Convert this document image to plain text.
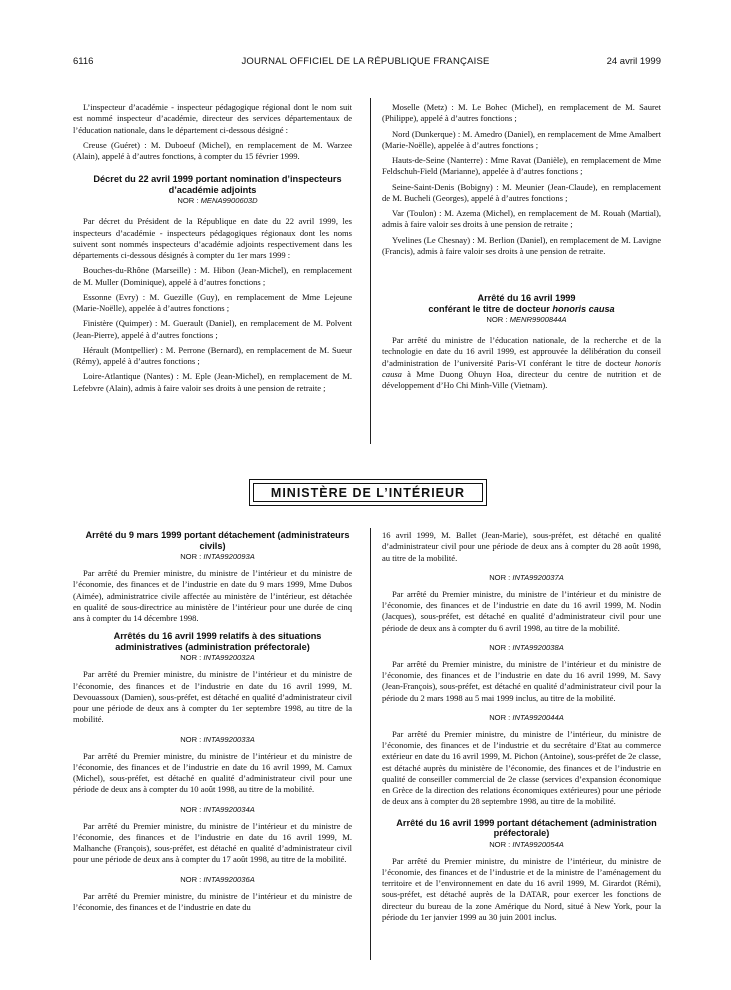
6116	JOURNAL OFFICIEL DE LA RÉPUBLIQUE FRANÇAISE	24 avril 1999

L’inspecteur d’académie - inspecteur pédagogique régional dont le nom suit est nommé inspecteur d’académie, directeur des services départementaux de l’éducation nationale, dans le département ci-dessous désigné :

Creuse (Guéret) : M. Duboeuf (Michel), en remplacement de M. Warzee (Alain), appelé à d’autres fonctions, à compter du 15 février 1999.

Décret du 22 avril 1999 portant nomination d’inspecteurs d’académie adjoints

NOR : MENA9900603D

Par décret du Président de la République en date du 22 avril 1999, les inspecteurs d’académie - inspecteurs pédagogiques régionaux dont les noms suivent sont nommés inspecteurs d’académie adjoints respectivement dans les départements ci-dessous désignés à compter du 1er mars 1999 :

Bouches-du-Rhône (Marseille) : M. Hibon (Jean-Michel), en remplacement de M. Muller (Dominique), appelé à d’autres fonctions ;

Essonne (Evry) : M. Guezille (Guy), en remplacement de Mme Lejeune (Marie-Noëlle), appelée à d’autres fonctions ;

Finistère (Quimper) : M. Guerault (Daniel), en remplacement de M. Polvent (Jean-Pierre), appelé à d’autres fonctions ;

Hérault (Montpellier) : M. Perrone (Bernard), en remplacement de M. Sueur (Rémy), appelé à d’autres fonctions ;

Loire-Atlantique (Nantes) : M. Eple (Jean-Michel), en remplacement de M. Lefebvre (Alain), admis à faire valoir ses droits à une pension de retraite ;

Moselle (Metz) : M. Le Bohec (Michel), en remplacement de M. Sauret (Philippe), appelé à d’autres fonctions ;

Nord (Dunkerque) : M. Amedro (Daniel), en remplacement de Mme Amalbert (Marie-Noëlle), appelée à d’autres fonctions ;

Hauts-de-Seine (Nanterre) : Mme Ravat (Danièle), en remplacement de Mme Feldschuh-Field (Marianne), appelée à d’autres fonctions ;

Seine-Saint-Denis (Bobigny) : M. Meunier (Jean-Claude), en remplacement de M. Bucheli (Georges), appelé à d’autres fonctions ;

Var (Toulon) : M. Azema (Michel), en remplacement de M. Rouah (Martial), admis à faire valoir ses droits à une pension de retraite ;

Yvelines (Le Chesnay) : M. Berlion (Daniel), en remplacement de M. Lavigne (Francis), admis à faire valoir ses droits à une pension de retraite.

Arrêté du 16 avril 1999
conférant le titre de docteur honoris causa

NOR : MENR9900844A

Par arrêté du ministre de l’éducation nationale, de la recherche et de la technologie en date du 16 avril 1999, est approuvée la délibération du conseil d’administration de l’université Paris-VI conférant le titre de docteur honoris causa à Mme Duong Ohuyn Hoa, directeur du centre de nutrition et de développement d’Ho Chi Minh-Ville (Vietnam).

MINISTÈRE DE L’INTÉRIEUR

Arrêté du 9 mars 1999 portant détachement (administrateurs civils)

NOR : INTA9920093A

Par arrêté du Premier ministre, du ministre de l’intérieur et du ministre de l’économie, des finances et de l’industrie en date du 9 mars 1999, Mme Dubos (Aimée), administratrice civile affectée au ministère de l’intérieur, est détachée en qualité de sous-directrice au ministère de l’intérieur pour une durée de cinq ans à compter du 14 décembre 1998.

Arrêtés du 16 avril 1999 relatifs à des situations administratives (administration préfectorale)

NOR : INTA9920032A

Par arrêté du Premier ministre, du ministre de l’intérieur et du ministre de l’économie, des finances et de l’industrie en date du 16 avril 1999, M. Devouassoux (Damien), sous-préfet, est détaché en qualité d’administrateur civil pour une période de deux ans à compter du 1er septembre 1998, au titre de la mobilité.

NOR : INTA9920033A

Par arrêté du Premier ministre, du ministre de l’intérieur et du ministre de l’économie, des finances et de l’industrie en date du 16 avril 1999, M. Camux (Michel), sous-préfet, est détaché en qualité d’administrateur civil pour une période de deux ans à compter du 10 août 1998, au titre de la mobilité.

NOR : INTA9920034A

Par arrêté du Premier ministre, du ministre de l’intérieur et du ministre de l’économie, des finances et de l’industrie en date du 16 avril 1999, M. Malhanche (François), sous-préfet, est détaché en qualité d’administrateur civil pour une période de deux ans à compter du 17 août 1998, au titre de la mobilité.

NOR : INTA9920036A

Par arrêté du Premier ministre, du ministre de l’intérieur et du ministre de l’économie, des finances et de l’industrie en date du

16 avril 1999, M. Ballet (Jean-Marie), sous-préfet, est détaché en qualité d’administrateur civil pour une période de deux ans à compter du 28 août 1998, au titre de la mobilité.

NOR : INTA9920037A

Par arrêté du Premier ministre, du ministre de l’intérieur et du ministre de l’économie, des finances et de l’industrie en date du 16 avril 1999, M. Nodin (Jacques), sous-préfet, est détaché en qualité d’administrateur civil pour une période de deux ans à compter du 6 avril 1998, au titre de la mobilité.

NOR : INTA9920038A

Par arrêté du Premier ministre, du ministre de l’intérieur et du ministre de l’économie, des finances et de l’industrie en date du 16 avril 1999, M. Savy (Jean-François), sous-préfet, est détaché en qualité d’administrateur civil pour la période du 2 mars 1998 au 5 mai 1999 inclus, au titre de la mobilité.

NOR : INTA9920044A

Par arrêté du Premier ministre, du ministre de l’intérieur, du ministre de l’économie, des finances et de l’industrie et du secrétaire d’Etat au commerce extérieur en date du 16 avril 1999, M. Pichon (Antoine), sous-préfet de 2e classe, est détaché auprès du ministère de l’économie, des finances et de l’industrie en qualité de conseiller commercial de 2e classe (services d’expansion économique en Grèce de la direction des relations économiques extérieures) pour une période de deux ans à compter du 28 septembre 1998, au titre de la mobilité.

Arrêté du 16 avril 1999 portant détachement (administration préfectorale)

NOR : INTA9920054A

Par arrêté du Premier ministre, du ministre de l’intérieur, du ministre de l’économie, des finances et de l’industrie et de la ministre de l’aménagement du territoire et de l’environnement en date du 16 avril 1999, M. Girardot (Rémi), sous-préfet, est détaché auprès de la DATAR, pour exercer les fonctions de directeur du bureau de la zone Amérique du Nord, situé à New York, pour la période du 1er janvier 1999 au 30 juin 2001 inclus.
